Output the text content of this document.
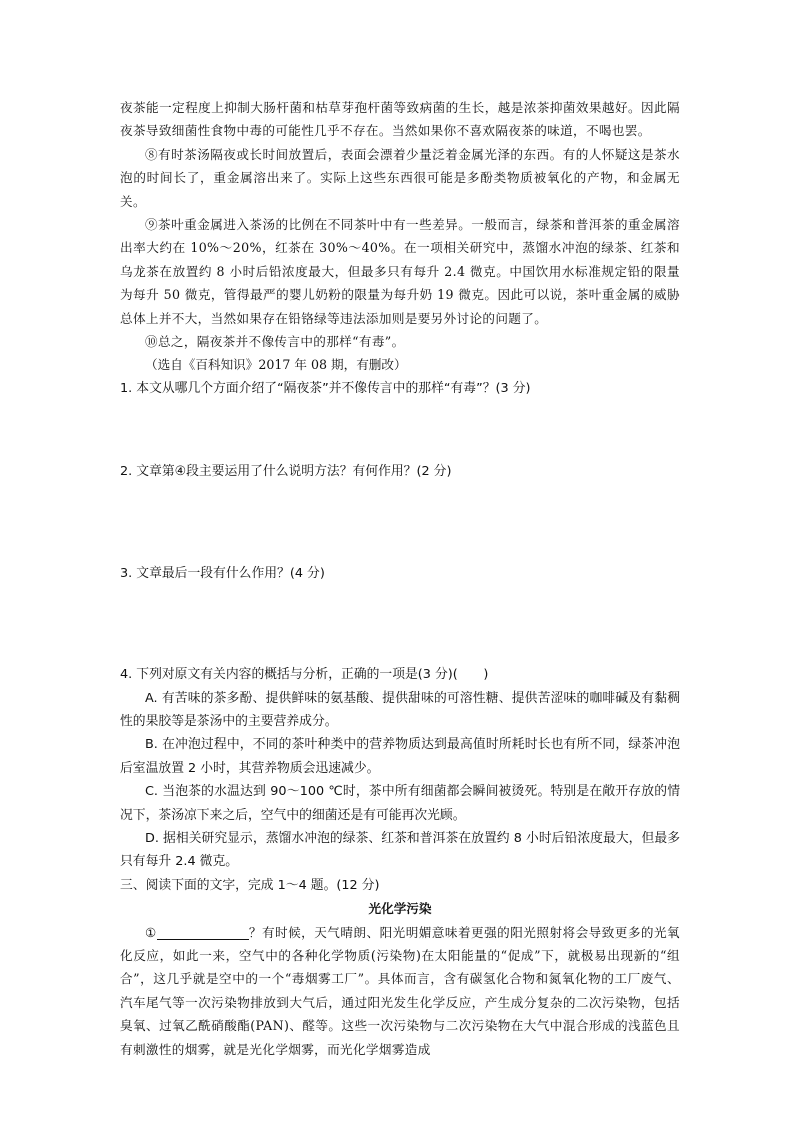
夜茶能一定程度上抑制大肠杆菌和枯草芽孢杆菌等致病菌的生长，越是浓茶抑菌效果越好。因此隔夜茶导致细菌性食物中毒的可能性几乎不存在。当然如果你不喜欢隔夜茶的味道，不喝也罢。

⑧有时茶汤隔夜或长时间放置后，表面会漂着少量泛着金属光泽的东西。有的人怀疑这是茶水泡的时间长了，重金属溶出来了。实际上这些东西很可能是多酚类物质被氧化的产物，和金属无关。

⑨茶叶重金属进入茶汤的比例在不同茶叶中有一些差异。一般而言，绿茶和普洱茶的重金属溶出率大约在 10%～20%，红茶在 30%～40%。在一项相关研究中，蒸馏水冲泡的绿茶、红茶和乌龙茶在放置约 8 小时后铅浓度最大，但最多只有每升 2.4 微克。中国饮用水标准规定铅的限量为每升 50 微克，管得最严的婴儿奶粉的限量为每升奶 19 微克。因此可以说，茶叶重金属的威胁总体上并不大，当然如果存在铅铬绿等违法添加则是要另外讨论的问题了。

⑩总之，隔夜茶并不像传言中的那样“有毒”。

（选自《百科知识》2017 年 08 期，有删改）

1. 本文从哪几个方面介绍了“隔夜茶”并不像传言中的那样“有毒”？(3 分)

2. 文章第④段主要运用了什么说明方法？有何作用？(2 分)

3. 文章最后一段有什么作用？(4 分)

4. 下列对原文有关内容的概括与分析，正确的一项是(3 分)(　　)

A. 有苦味的茶多酚、提供鲜味的氨基酸、提供甜味的可溶性糖、提供苦涩味的咖啡碱及有黏稠性的果胶等是茶汤中的主要营养成分。

B. 在冲泡过程中，不同的茶叶种类中的营养物质达到最高值时所耗时长也有所不同，绿茶冲泡后室温放置 2 小时，其营养物质会迅速减少。

C. 当泡茶的水温达到 90～100 ℃时，茶中所有细菌都会瞬间被烫死。特别是在敞开存放的情况下，茶汤凉下来之后，空气中的细菌还是有可能再次光顾。

D. 据相关研究显示，蒸馏水冲泡的绿茶、红茶和普洱茶在放置约 8 小时后铅浓度最大，但最多只有每升 2.4 微克。

三、阅读下面的文字，完成 1～4 题。(12 分)

光化学污染

①	？有时候，天气晴朗、阳光明媚意味着更强的阳光照射将会导致更多的光氧化反应，如此一来，空气中的各种化学物质(污染物)在太阳能量的“促成”下，就极易出现新的“组合”，这几乎就是空中的一个“毒烟雾工厂”。具体而言，含有碳氢化合物和氮氧化物的工厂废气、汽车尾气等一次污染物排放到大气后，通过阳光发生化学反应，产生成分复杂的二次污染物，包括臭氧、过氧乙酰硝酸酯(PAN)、醛等。这些一次污染物与二次污染物在大气中混合形成的浅蓝色且有刺激性的烟雾，就是光化学烟雾，而光化学烟雾造成
